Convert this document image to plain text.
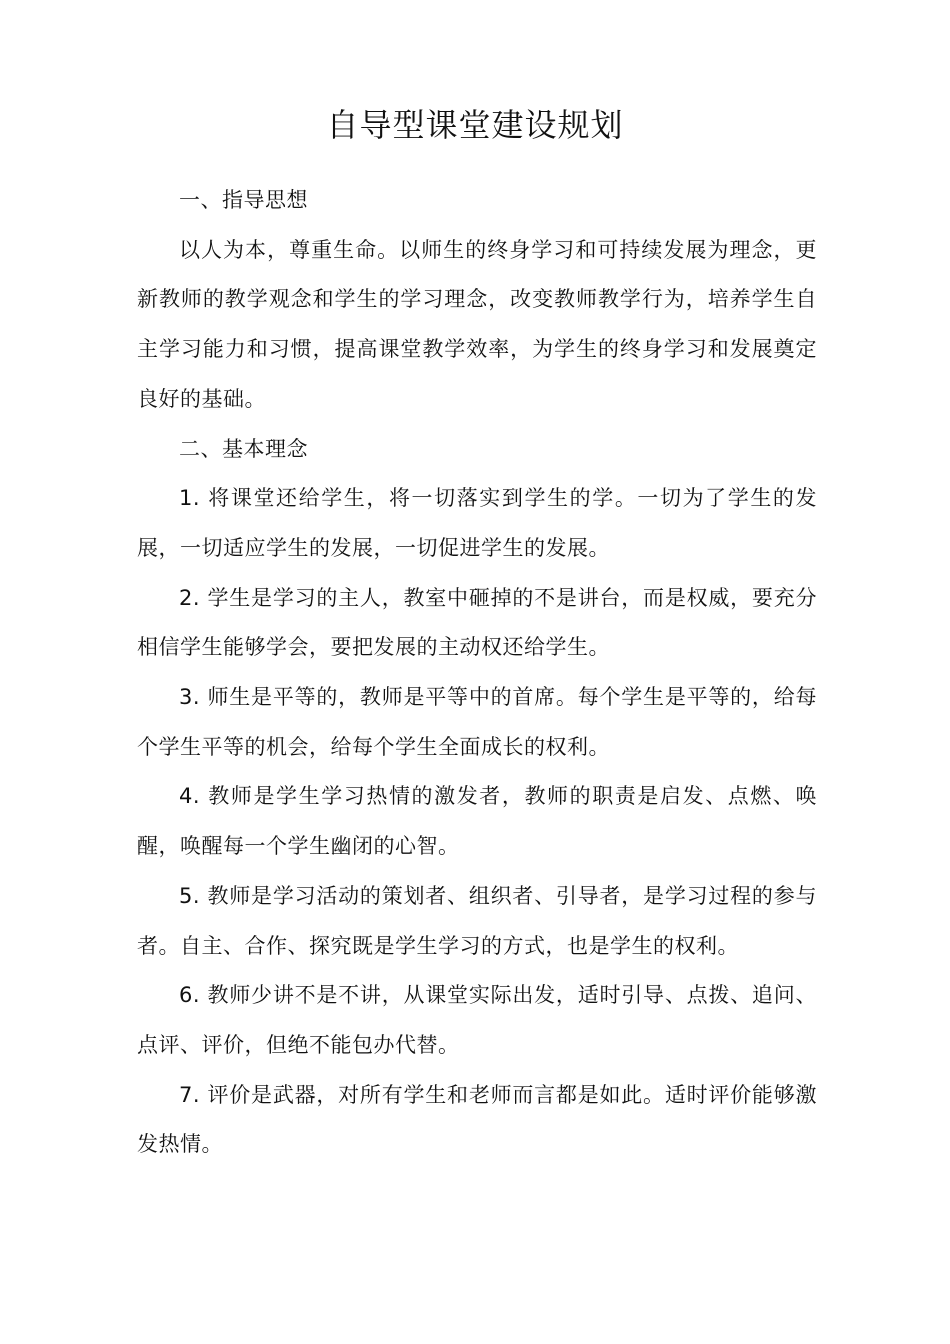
自导型课堂建设规划

一、指导思想

以人为本，尊重生命。以师生的终身学习和可持续发展为理念，更新教师的教学观念和学生的学习理念，改变教师教学行为，培养学生自主学习能力和习惯，提高课堂教学效率，为学生的终身学习和发展奠定良好的基础。

二、基本理念

1. 将课堂还给学生，将一切落实到学生的学。一切为了学生的发展，一切适应学生的发展，一切促进学生的发展。

2. 学生是学习的主人，教室中砸掉的不是讲台，而是权威，要充分相信学生能够学会，要把发展的主动权还给学生。

3. 师生是平等的，教师是平等中的首席。每个学生是平等的，给每个学生平等的机会，给每个学生全面成长的权利。

4. 教师是学生学习热情的激发者，教师的职责是启发、点燃、唤醒，唤醒每一个学生幽闭的心智。

5. 教师是学习活动的策划者、组织者、引导者，是学习过程的参与者。自主、合作、探究既是学生学习的方式，也是学生的权利。

6. 教师少讲不是不讲，从课堂实际出发，适时引导、点拨、追问、点评、评价，但绝不能包办代替。

7. 评价是武器，对所有学生和老师而言都是如此。适时评价能够激发热情。
